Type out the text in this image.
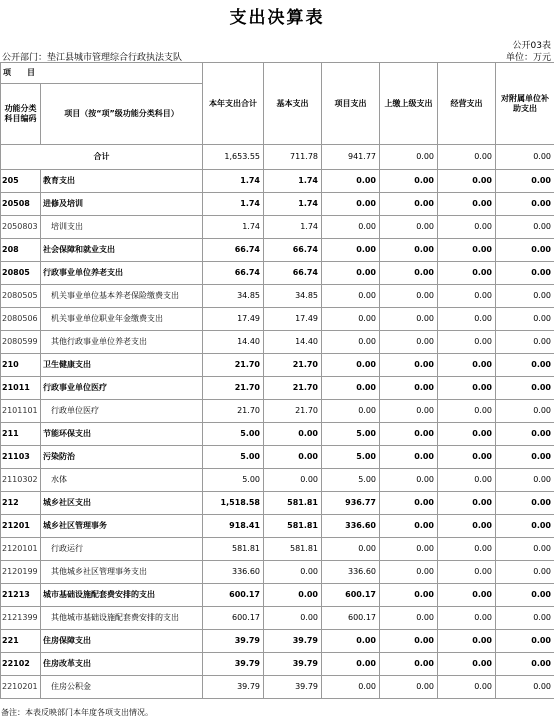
支出决算表
公开03表
公开部门：垫江县城市管理综合行政执法支队	单位：万元
项　　目		本年支出合计	基本支出	项目支出	上缴上级支出	经营支出	对附属单位补助支出
功能分类科目编码	项目（按“项”级功能分类科目）						
合计		1,653.55	711.78	941.77	0.00	0.00	0.00
205	教育支出	1.74	1.74	0.00	0.00	0.00	0.00
20508	进修及培训	1.74	1.74	0.00	0.00	0.00	0.00
2050803	培训支出	1.74	1.74	0.00	0.00	0.00	0.00
208	社会保障和就业支出	66.74	66.74	0.00	0.00	0.00	0.00
20805	行政事业单位养老支出	66.74	66.74	0.00	0.00	0.00	0.00
2080505	机关事业单位基本养老保险缴费支出	34.85	34.85	0.00	0.00	0.00	0.00
2080506	机关事业单位职业年金缴费支出	17.49	17.49	0.00	0.00	0.00	0.00
2080599	其他行政事业单位养老支出	14.40	14.40	0.00	0.00	0.00	0.00
210	卫生健康支出	21.70	21.70	0.00	0.00	0.00	0.00
21011	行政事业单位医疗	21.70	21.70	0.00	0.00	0.00	0.00
2101101	行政单位医疗	21.70	21.70	0.00	0.00	0.00	0.00
211	节能环保支出	5.00	0.00	5.00	0.00	0.00	0.00
21103	污染防治	5.00	0.00	5.00	0.00	0.00	0.00
2110302	水体	5.00	0.00	5.00	0.00	0.00	0.00
212	城乡社区支出	1,518.58	581.81	936.77	0.00	0.00	0.00
21201	城乡社区管理事务	918.41	581.81	336.60	0.00	0.00	0.00
2120101	行政运行	581.81	581.81	0.00	0.00	0.00	0.00
2120199	其他城乡社区管理事务支出	336.60	0.00	336.60	0.00	0.00	0.00
21213	城市基础设施配套费安排的支出	600.17	0.00	600.17	0.00	0.00	0.00
2121399	其他城市基础设施配套费安排的支出	600.17	0.00	600.17	0.00	0.00	0.00
221	住房保障支出	39.79	39.79	0.00	0.00	0.00	0.00
22102	住房改革支出	39.79	39.79	0.00	0.00	0.00	0.00
2210201	住房公积金	39.79	39.79	0.00	0.00	0.00	0.00
备注：本表反映部门本年度各项支出情况。
